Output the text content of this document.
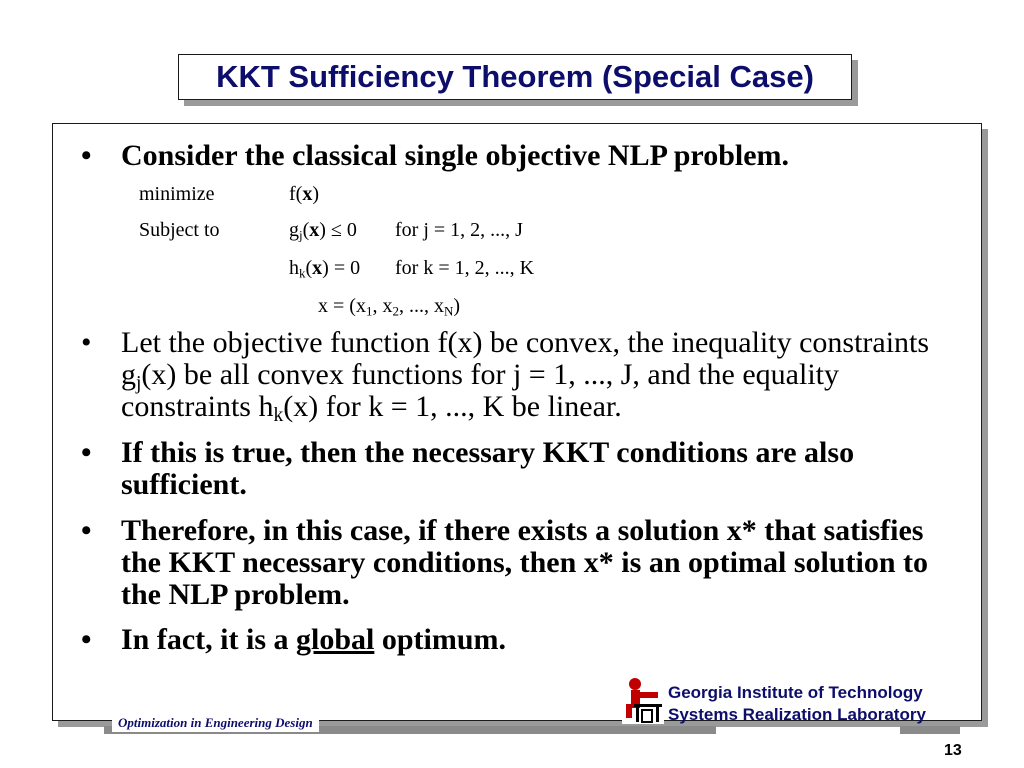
KKT Sufficiency Theorem (Special Case)
• Consider the classical single objective NLP problem.
minimize	f(x)
Subject to	$g_j(x) \le 0$ for j = 1, 2, ..., J
$h_k(x) = 0$ for k = 1, 2, ..., K
$x = (x_1$, $x_2$, ..., $x_N$)
• Let the objective function f(x) be convex, the inequality constraints $g_j(x)$ be all convex functions for j = 1, ..., J, and the equality constraints $h_k(x)$ for k = 1, ..., K be linear.
• If this is true, then the necessary KKT conditions are also sufficient.
• Therefore, in this case, if there exists a solution x* that satisfies the KKT necessary conditions, then x* is an optimal solution to the NLP problem.
• In fact, it is a global optimum.
Optimization in Engineering Design
Georgia Institute of Technology
Systems Realization Laboratory
13
